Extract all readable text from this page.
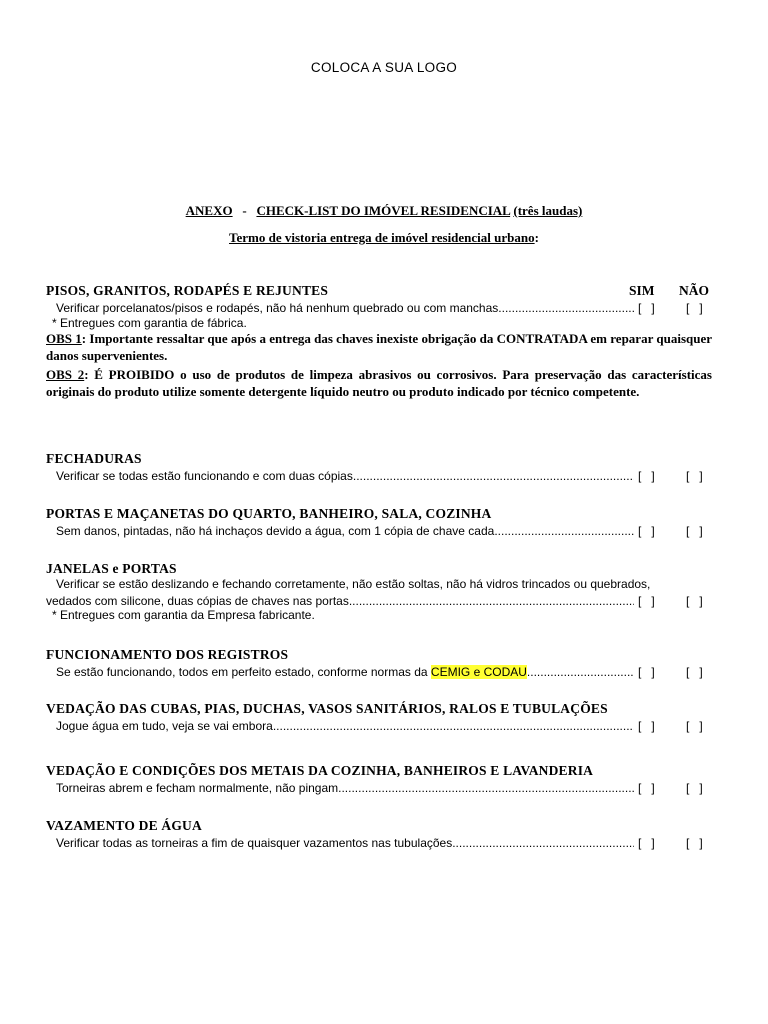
COLOCA A SUA LOGO
ANEXO - CHECK-LIST DO IMÓVEL RESIDENCIAL (três laudas)
Termo de vistoria entrega de imóvel residencial urbano:
PISOS, GRANITOS, RODAPÉS E REJUNTES	SIM NÃO
Verificar porcelanatos/pisos e rodapés, não há nenhum quebrado ou com manchas .....	[   ]	[   ]
* Entregues com garantia de fábrica.
OBS 1: Importante ressaltar que após a entrega das chaves inexiste obrigação da CONTRATADA em reparar quaisquer danos supervenientes.
OBS 2: É PROIBIDO o uso de produtos de limpeza abrasivos ou corrosivos. Para preservação das características originais do produto utilize somente detergente líquido neutro ou produto indicado por técnico competente.
FECHADURAS
Verificar se todas estão funcionando e com duas cópias .....	[   ]	[   ]
PORTAS E MAÇANETAS DO QUARTO, BANHEIRO, SALA, COZINHA
Sem danos, pintadas, não há inchaços devido a água, com 1 cópia de chave cada .....	[   ]	[   ]
JANELAS e PORTAS
Verificar se estão deslizando e fechando corretamente, não estão soltas, não há vidros trincados ou quebrados,
vedados com silicone, duas cópias de chaves nas portas .....	[   ]	[   ]
* Entregues com garantia da Empresa fabricante.
FUNCIONAMENTO DOS REGISTROS
Se estão funcionando, todos em perfeito estado, conforme normas da CEMIG e CODAU .....	[   ]	[   ]
VEDAÇÃO DAS CUBAS, PIAS, DUCHAS, VASOS SANITÁRIOS, RALOS E TUBULAÇÕES
Jogue água em tudo, veja se vai embora .....	[   ]	[   ]
VEDAÇÃO E CONDIÇÕES DOS METAIS DA COZINHA, BANHEIROS E LAVANDERIA
Torneiras abrem e fecham normalmente, não pingam .....	[   ]	[   ]
VAZAMENTO DE ÁGUA
Verificar todas as torneiras a fim de quaisquer vazamentos nas tubulações .....	[   ]	[   ]
